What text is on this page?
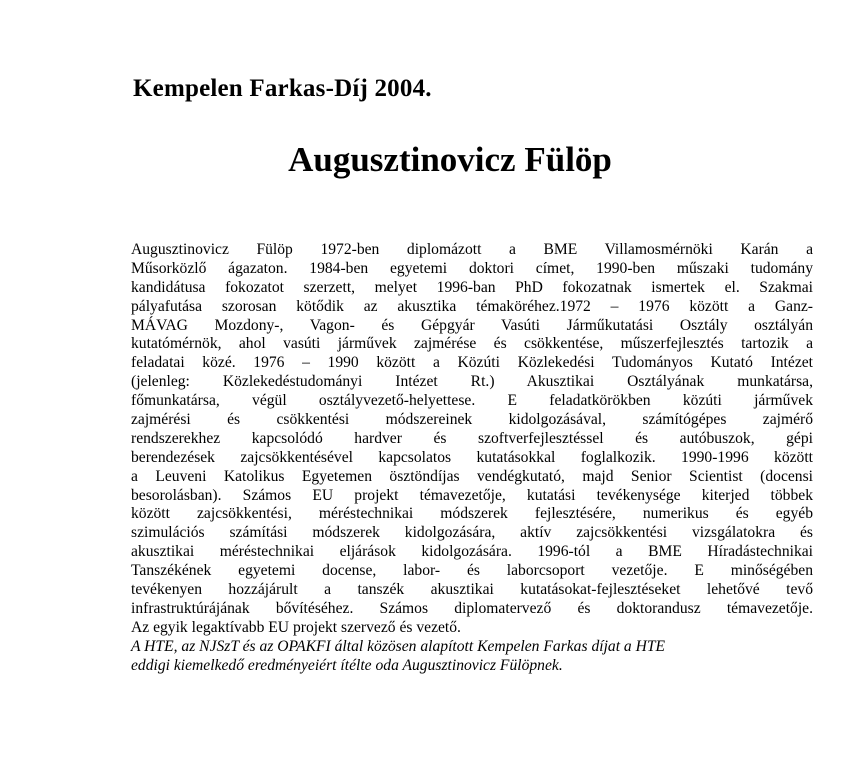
Kempelen Farkas-Díj 2004.
Augusztinovicz Fülöp
Augusztinovicz Fülöp 1972-ben diplomázott a BME Villamosmérnöki Karán a
Műsorközlő ágazaton. 1984-ben egyetemi doktori címet, 1990-ben műszaki tudomány
kandidátusa fokozatot szerzett, melyet 1996-ban PhD fokozatnak ismertek el. Szakmai
pályafutása szorosan kötődik az akusztika témaköréhez.1972 – 1976 között a Ganz-
MÁVAG Mozdony-, Vagon- és Gépgyár Vasúti Járműkutatási Osztály osztályán
kutatómérnök, ahol vasúti járművek zajmérése és csökkentése, műszerfejlesztés tartozik a
feladatai közé. 1976 – 1990 között a Közúti Közlekedési Tudományos Kutató Intézet
(jelenleg: Közlekedéstudományi Intézet Rt.) Akusztikai Osztályának munkatársa,
főmunkatársa, végül osztályvezető-helyettese. E feladatkörökben közúti járművek
zajmérési és csökkentési módszereinek kidolgozásával, számítógépes zajmérő
rendszerekhez kapcsolódó hardver és szoftverfejlesztéssel és autóbuszok, gépi
berendezések zajcsökkentésével kapcsolatos kutatásokkal foglalkozik. 1990-1996 között
a Leuveni Katolikus Egyetemen ösztöndíjas vendégkutató, majd Senior Scientist (docensi
besorolásban). Számos EU projekt témavezetője, kutatási tevékenysége kiterjed többek
között zajcsökkentési, méréstechnikai módszerek fejlesztésére, numerikus és egyéb
szimulációs számítási módszerek kidolgozására, aktív zajcsökkentési vizsgálatokra és
akusztikai méréstechnikai eljárások kidolgozására. 1996-tól a BME Híradástechnikai
Tanszékének egyetemi docense, labor- és laborcsoport vezetője. E minőségében
tevékenyen hozzájárult a tanszék akusztikai kutatásokat-fejlesztéseket lehetővé tevő
infrastruktúrájának bővítéséhez. Számos diplomatervező és doktorandusz témavezetője.
Az egyik legaktívabb EU projekt szervező és vezető.
A HTE, az NJSzT és az OPAKFI által közösen alapított Kempelen Farkas díjat a HTE
eddigi kiemelkedő eredményeiért ítélte oda Augusztinovicz Fülöpnek.
